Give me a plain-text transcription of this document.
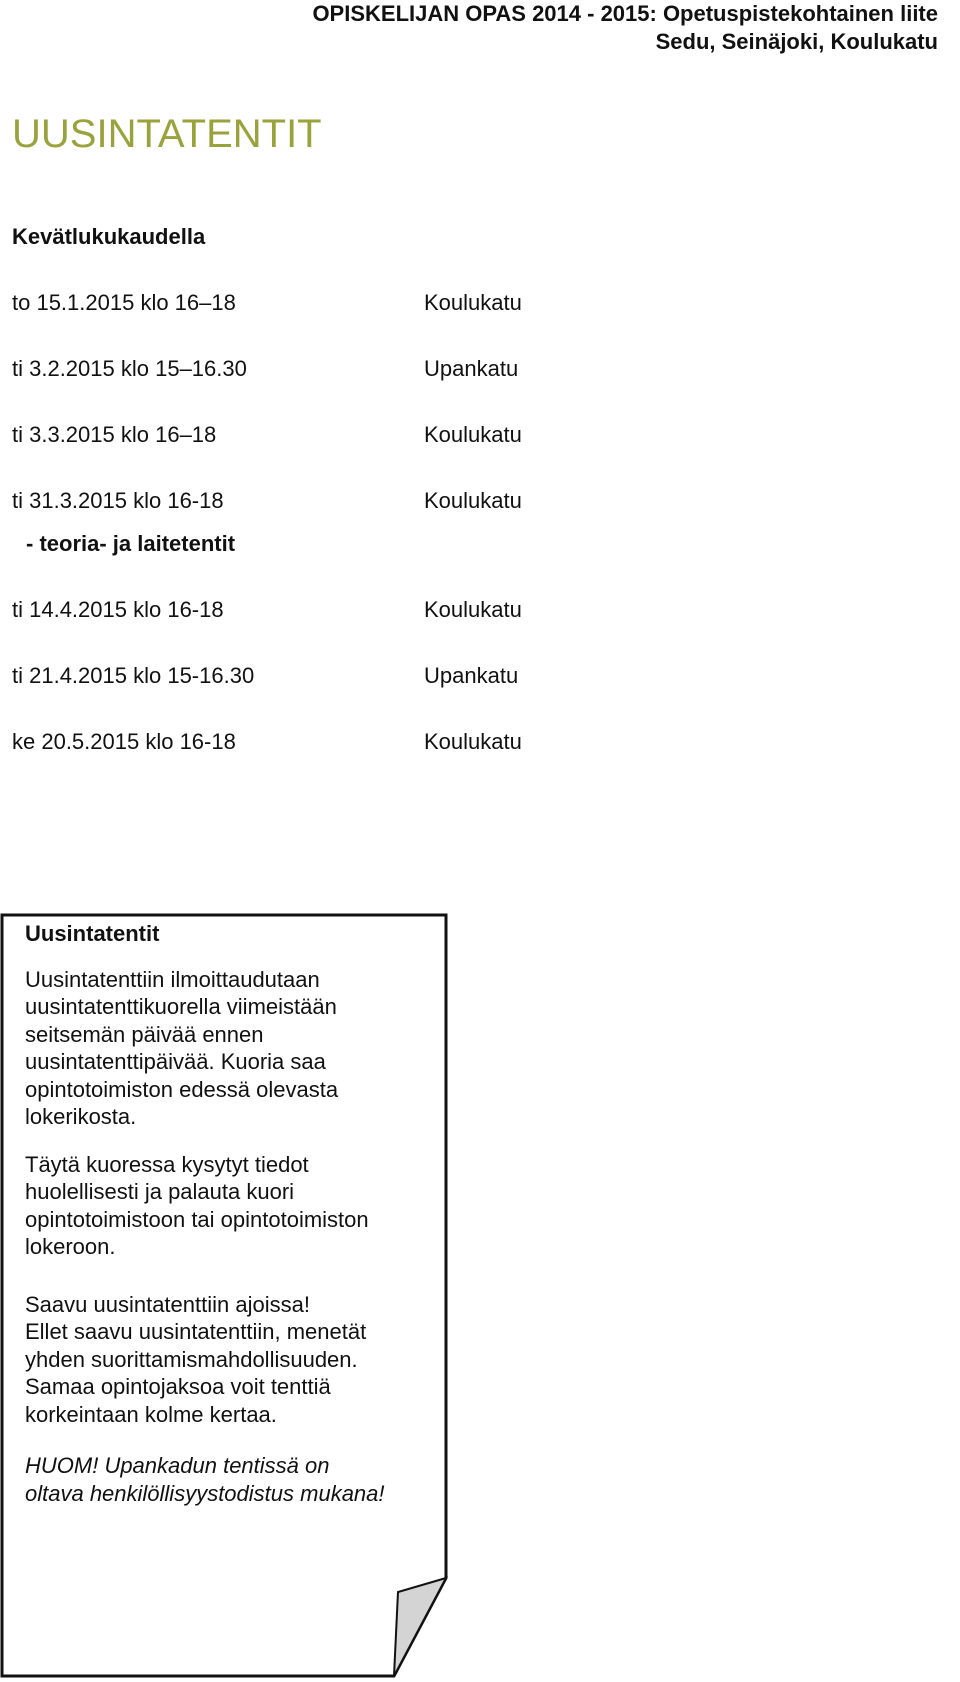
OPISKELIJAN OPAS 2014 - 2015: Opetuspistekohtainen liite
Sedu, Seinäjoki, Koulukatu
UUSINTATENTIT
Kevätlukukaudella
to 15.1.2015 klo 16–18	Koulukatu
ti 3.2.2015 klo 15–16.30	Upankatu
ti 3.3.2015 klo 16–18	Koulukatu
ti 31.3.2015 klo 16-18	Koulukatu
- teoria- ja laitetentit
ti 14.4.2015 klo 16-18	Koulukatu
ti 21.4.2015 klo 15-16.30	Upankatu
ke 20.5.2015 klo 16-18	Koulukatu
Uusintatentit

Uusintatenttiin ilmoittaudutaan
uusintatenttikuorella viimeistään
seitsemän päivää ennen
uusintatenttipäivää. Kuoria saa
opintotoimiston edessä olevasta
lokerikosta.

Täytä kuoressa kysytyt tiedot
huolellisesti ja palauta kuori
opintotoimistoon tai opintotoimiston
lokeroon.

Saavu uusintatenttiin ajoissa!
Ellet saavu uusintatenttiin, menetät
yhden suorittamismahdollisuuden.
Samaa opintojaksoa voit tenttiä
korkeintaan kolme kertaa.

HUOM! Upankadun tentissä on
oltava henkilöllisyystodistus mukana!
